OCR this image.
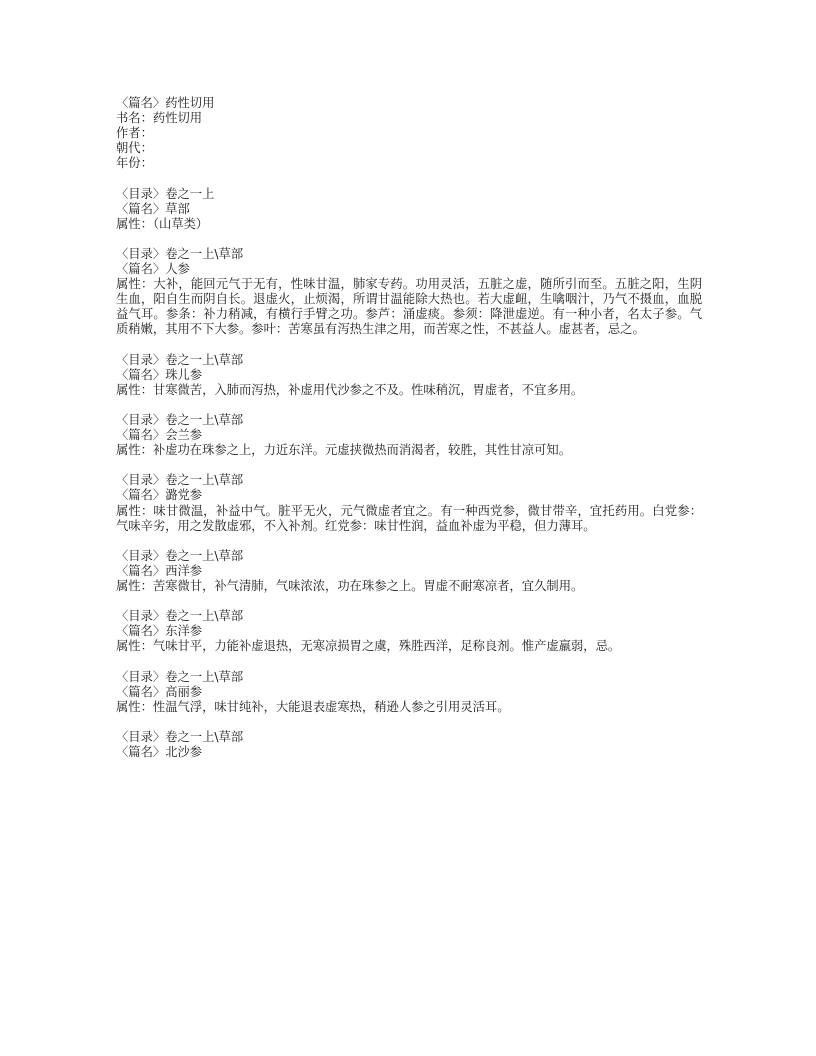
〈篇名〉药性切用
书名：药性切用
作者：
朝代：
年份：

〈目录〉卷之一上
〈篇名〉草部
属性：（山草类）

〈目录〉卷之一上\草部
〈篇名〉人参
属性：大补，能回元气于无有，性味甘温，肺家专药。功用灵活，五脏之虚，随所引而至。五脏之阳，生阴生血，阳自生而阴自长。退虚火，止烦渴，所谓甘温能除大热也。若大虚衄，生噙咽汁，乃气不摄血，血脱益气耳。参条：补力稍减，有横行手臂之功。参芦：涌虚痰。参须：降泄虚逆。有一种小者，名太子参。气质稍嫩，其用不下大参。参叶：苦寒虽有泻热生津之用，而苦寒之性，不甚益人。虚甚者，忌之。

〈目录〉卷之一上\草部
〈篇名〉珠儿参
属性：甘寒微苦，入肺而泻热，补虚用代沙参之不及。性味稍沉，胃虚者，不宜多用。

〈目录〉卷之一上\草部
〈篇名〉会兰参
属性：补虚功在珠参之上，力近东洋。元虚挟微热而消渴者，较胜，其性甘凉可知。

〈目录〉卷之一上\草部
〈篇名〉潞党参
属性：味甘微温，补益中气。脏平无火，元气微虚者宜之。有一种西党参，微甘带辛，宜托药用。白党参：气味辛劣，用之发散虚邪，不入补剂。红党参：味甘性润，益血补虚为平稳，但力薄耳。

〈目录〉卷之一上\草部
〈篇名〉西洋参
属性：苦寒微甘，补气清肺，气味浓浓，功在珠参之上。胃虚不耐寒凉者，宜久制用。

〈目录〉卷之一上\草部
〈篇名〉东洋参
属性：气味甘平，力能补虚退热，无寒凉损胃之虞，殊胜西洋，足称良剂。惟产虚羸弱，忌。

〈目录〉卷之一上\草部
〈篇名〉高丽参
属性：性温气浮，味甘纯补，大能退表虚寒热，稍逊人参之引用灵活耳。

〈目录〉卷之一上\草部
〈篇名〉北沙参
